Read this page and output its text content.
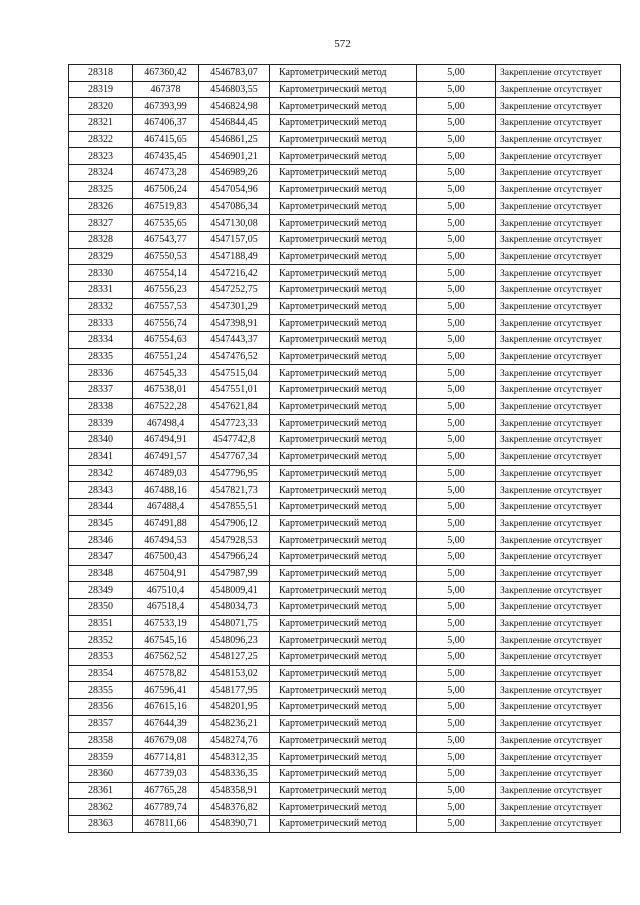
572
28318	467360,42	4546783,07	Картометрический метод	5,00	Закрепление отсутствует
28319	467378	4546803,55	Картометрический метод	5,00	Закрепление отсутствует
28320	467393,99	4546824,98	Картометрический метод	5,00	Закрепление отсутствует
28321	467406,37	4546844,45	Картометрический метод	5,00	Закрепление отсутствует
28322	467415,65	4546861,25	Картометрический метод	5,00	Закрепление отсутствует
28323	467435,45	4546901,21	Картометрический метод	5,00	Закрепление отсутствует
28324	467473,28	4546989,26	Картометрический метод	5,00	Закрепление отсутствует
28325	467506,24	4547054,96	Картометрический метод	5,00	Закрепление отсутствует
28326	467519,83	4547086,34	Картометрический метод	5,00	Закрепление отсутствует
28327	467535,65	4547130,08	Картометрический метод	5,00	Закрепление отсутствует
28328	467543,77	4547157,05	Картометрический метод	5,00	Закрепление отсутствует
28329	467550,53	4547188,49	Картометрический метод	5,00	Закрепление отсутствует
28330	467554,14	4547216,42	Картометрический метод	5,00	Закрепление отсутствует
28331	467556,23	4547252,75	Картометрический метод	5,00	Закрепление отсутствует
28332	467557,53	4547301,29	Картометрический метод	5,00	Закрепление отсутствует
28333	467556,74	4547398,91	Картометрический метод	5,00	Закрепление отсутствует
28334	467554,63	4547443,37	Картометрический метод	5,00	Закрепление отсутствует
28335	467551,24	4547476,52	Картометрический метод	5,00	Закрепление отсутствует
28336	467545,33	4547515,04	Картометрический метод	5,00	Закрепление отсутствует
28337	467538,01	4547551,01	Картометрический метод	5,00	Закрепление отсутствует
28338	467522,28	4547621,84	Картометрический метод	5,00	Закрепление отсутствует
28339	467498,4	4547723,33	Картометрический метод	5,00	Закрепление отсутствует
28340	467494,91	4547742,8	Картометрический метод	5,00	Закрепление отсутствует
28341	467491,57	4547767,34	Картометрический метод	5,00	Закрепление отсутствует
28342	467489,03	4547796,95	Картометрический метод	5,00	Закрепление отсутствует
28343	467488,16	4547821,73	Картометрический метод	5,00	Закрепление отсутствует
28344	467488,4	4547855,51	Картометрический метод	5,00	Закрепление отсутствует
28345	467491,88	4547906,12	Картометрический метод	5,00	Закрепление отсутствует
28346	467494,53	4547928,53	Картометрический метод	5,00	Закрепление отсутствует
28347	467500,43	4547966,24	Картометрический метод	5,00	Закрепление отсутствует
28348	467504,91	4547987,99	Картометрический метод	5,00	Закрепление отсутствует
28349	467510,4	4548009,41	Картометрический метод	5,00	Закрепление отсутствует
28350	467518,4	4548034,73	Картометрический метод	5,00	Закрепление отсутствует
28351	467533,19	4548071,75	Картометрический метод	5,00	Закрепление отсутствует
28352	467545,16	4548096,23	Картометрический метод	5,00	Закрепление отсутствует
28353	467562,52	4548127,25	Картометрический метод	5,00	Закрепление отсутствует
28354	467578,82	4548153,02	Картометрический метод	5,00	Закрепление отсутствует
28355	467596,41	4548177,95	Картометрический метод	5,00	Закрепление отсутствует
28356	467615,16	4548201,95	Картометрический метод	5,00	Закрепление отсутствует
28357	467644,39	4548236,21	Картометрический метод	5,00	Закрепление отсутствует
28358	467679,08	4548274,76	Картометрический метод	5,00	Закрепление отсутствует
28359	467714,81	4548312,35	Картометрический метод	5,00	Закрепление отсутствует
28360	467739,03	4548336,35	Картометрический метод	5,00	Закрепление отсутствует
28361	467765,28	4548358,91	Картометрический метод	5,00	Закрепление отсутствует
28362	467789,74	4548376,82	Картометрический метод	5,00	Закрепление отсутствует
28363	467811,66	4548390,71	Картометрический метод	5,00	Закрепление отсутствует
